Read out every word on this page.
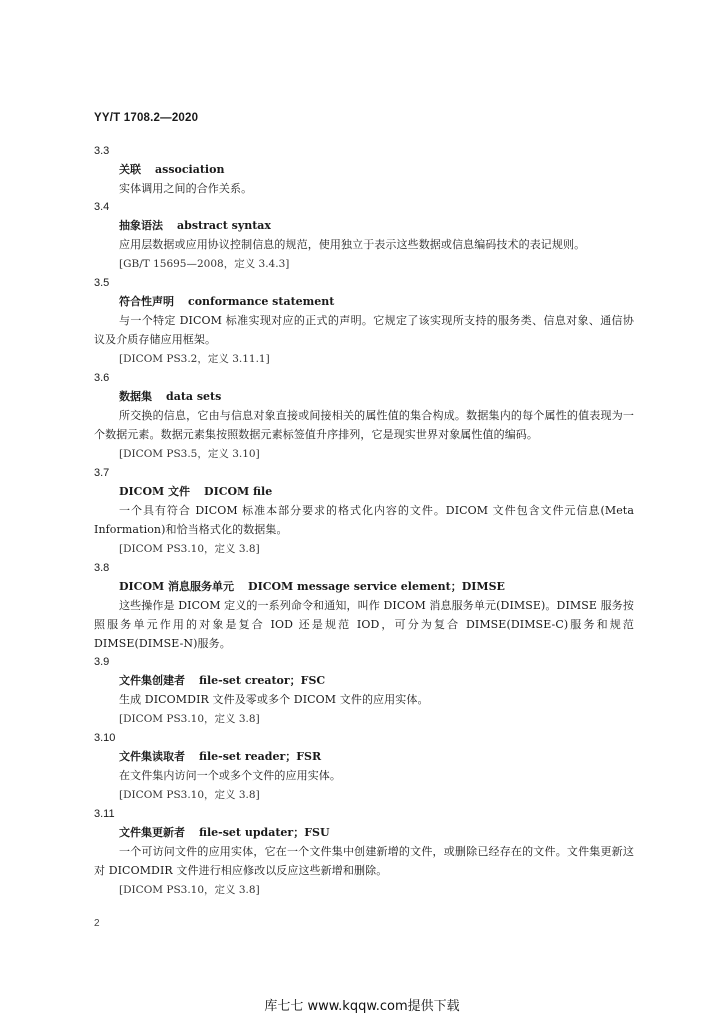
YY/T 1708.2—2020
3.3
关联 association
实体调用之间的合作关系。
3.4
抽象语法 abstract syntax
应用层数据或应用协议控制信息的规范，使用独立于表示这些数据或信息编码技术的表记规则。
[GB/T 15695—2008，定义 3.4.3]
3.5
符合性声明 conformance statement
与一个特定 DICOM 标准实现对应的正式的声明。它规定了该实现所支持的服务类、信息对象、通信协议及介质存储应用框架。
[DICOM PS3.2，定义 3.11.1]
3.6
数据集 data sets
所交换的信息，它由与信息对象直接或间接相关的属性值的集合构成。数据集内的每个属性的值表现为一个数据元素。数据元素集按照数据元素标签值升序排列，它是现实世界对象属性值的编码。
[DICOM PS3.5，定义 3.10]
3.7
DICOM 文件 DICOM file
一个具有符合 DICOM 标准本部分要求的格式化内容的文件。DICOM 文件包含文件元信息(Meta Information)和恰当格式化的数据集。
[DICOM PS3.10，定义 3.8]
3.8
DICOM 消息服务单元 DICOM message service element；DIMSE
这些操作是 DICOM 定义的一系列命令和通知，叫作 DICOM 消息服务单元(DIMSE)。DIMSE 服务按照服务单元作用的对象是复合 IOD 还是规范 IOD，可分为复合 DIMSE(DIMSE-C)服务和规范DIMSE(DIMSE-N)服务。
3.9
文件集创建者 file-set creator；FSC
生成 DICOMDIR 文件及零或多个 DICOM 文件的应用实体。
[DICOM PS3.10，定义 3.8]
3.10
文件集读取者 file-set reader；FSR
在文件集内访问一个或多个文件的应用实体。
[DICOM PS3.10，定义 3.8]
3.11
文件集更新者 file-set updater；FSU
一个可访问文件的应用实体，它在一个文件集中创建新增的文件，或删除已经存在的文件。文件集更新这对 DICOMDIR 文件进行相应修改以反应这些新增和删除。
[DICOM PS3.10，定义 3.8]
2
库七七 www.kqqw.com提供下载
